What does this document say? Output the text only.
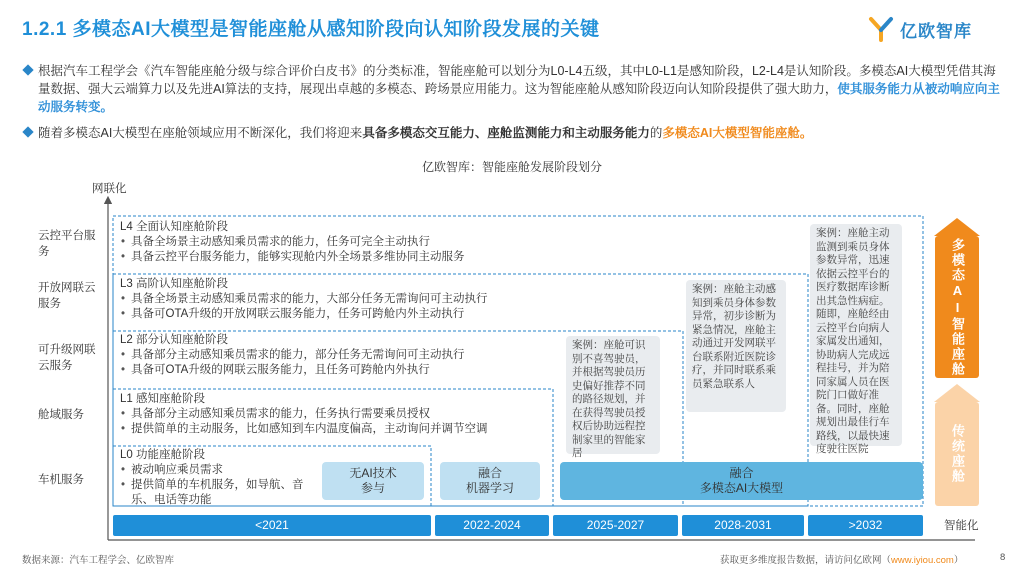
1.2.1 多模态AI大模型是智能座舱从感知阶段向认知阶段发展的关键	亿欧智库
根据汽车工程学会《汽车智能座舱分级与综合评价白皮书》的分类标准，智能座舱可以划分为L0-L4五级，其中L0-L1是感知阶段，L2-L4是认知阶段。多模态AI大模型凭借其海量数据、强大云端算力以及先进AI算法的支持，展现出卓越的多模态、跨场景应用能力。这为智能座舱从感知阶段迈向认知阶段提供了强大助力，使其服务能力从被动响应向主动服务转变。
随着多模态AI大模型在座舱领域应用不断深化，我们将迎来具备多模态交互能力、座舱监测能力和主动服务能力的多模态AI大模型智能座舱。
亿欧智库：智能座舱发展阶段划分
网联化
智能化
云控平台服务
开放网联云服务
可升级网联云服务
舱域服务
车机服务
L4 全面认知座舱阶段
• 具备全场景主动感知乘员需求的能力，任务可完全主动执行
• 具备云控平台服务能力，能够实现舱内外全场景多维协同主动服务
L3 高阶认知座舱阶段
• 具备全场景主动感知乘员需求的能力，大部分任务无需询问可主动执行
• 具备可OTA升级的开放网联云服务能力，任务可跨舱内外主动执行
L2 部分认知座舱阶段
• 具备部分主动感知乘员需求的能力，部分任务无需询问可主动执行
• 具备可OTA升级的网联云服务能力，且任务可跨舱内外执行
L1 感知座舱阶段
• 具备部分主动感知乘员需求的能力，任务执行需要乘员授权
• 提供简单的主动服务，比如感知到车内温度偏高，主动询问并调节空调
L0 功能座舱阶段
• 被动响应乘员需求
• 提供简单的车机服务，如导航、音乐、电话等功能
案例：座舱可识别不喜驾驶员，并根据驾驶员历史偏好推荐不同的路径规划，并在获得驾驶员授权后协助远程控制家里的智能家居
案例：座舱主动感知到乘员身体参数异常，初步诊断为紧急情况，座舱主动通过开发网联平台联系附近医院诊疗，并同时联系乘员紧急联系人
案例：座舱主动监测到乘员身体参数异常，迅速依据云控平台的医疗数据库诊断出其急性病症。随即，座舱经由云控平台向病人家属发出通知，协助病人完成远程挂号，并为陪同家属人员在医院门口做好准备。同时，座舱规划出最佳行车路线，以最快速度驶往医院
无AI技术
参与
融合
机器学习
融合
多模态AI大模型
<2021	2022-2024	2025-2027	2028-2031	>2032
多模态AI智能座舱
传统座舱
数据来源：汽车工程学会、亿欧智库	获取更多维度报告数据，请访问亿欧网（www.iyiou.com）	8
